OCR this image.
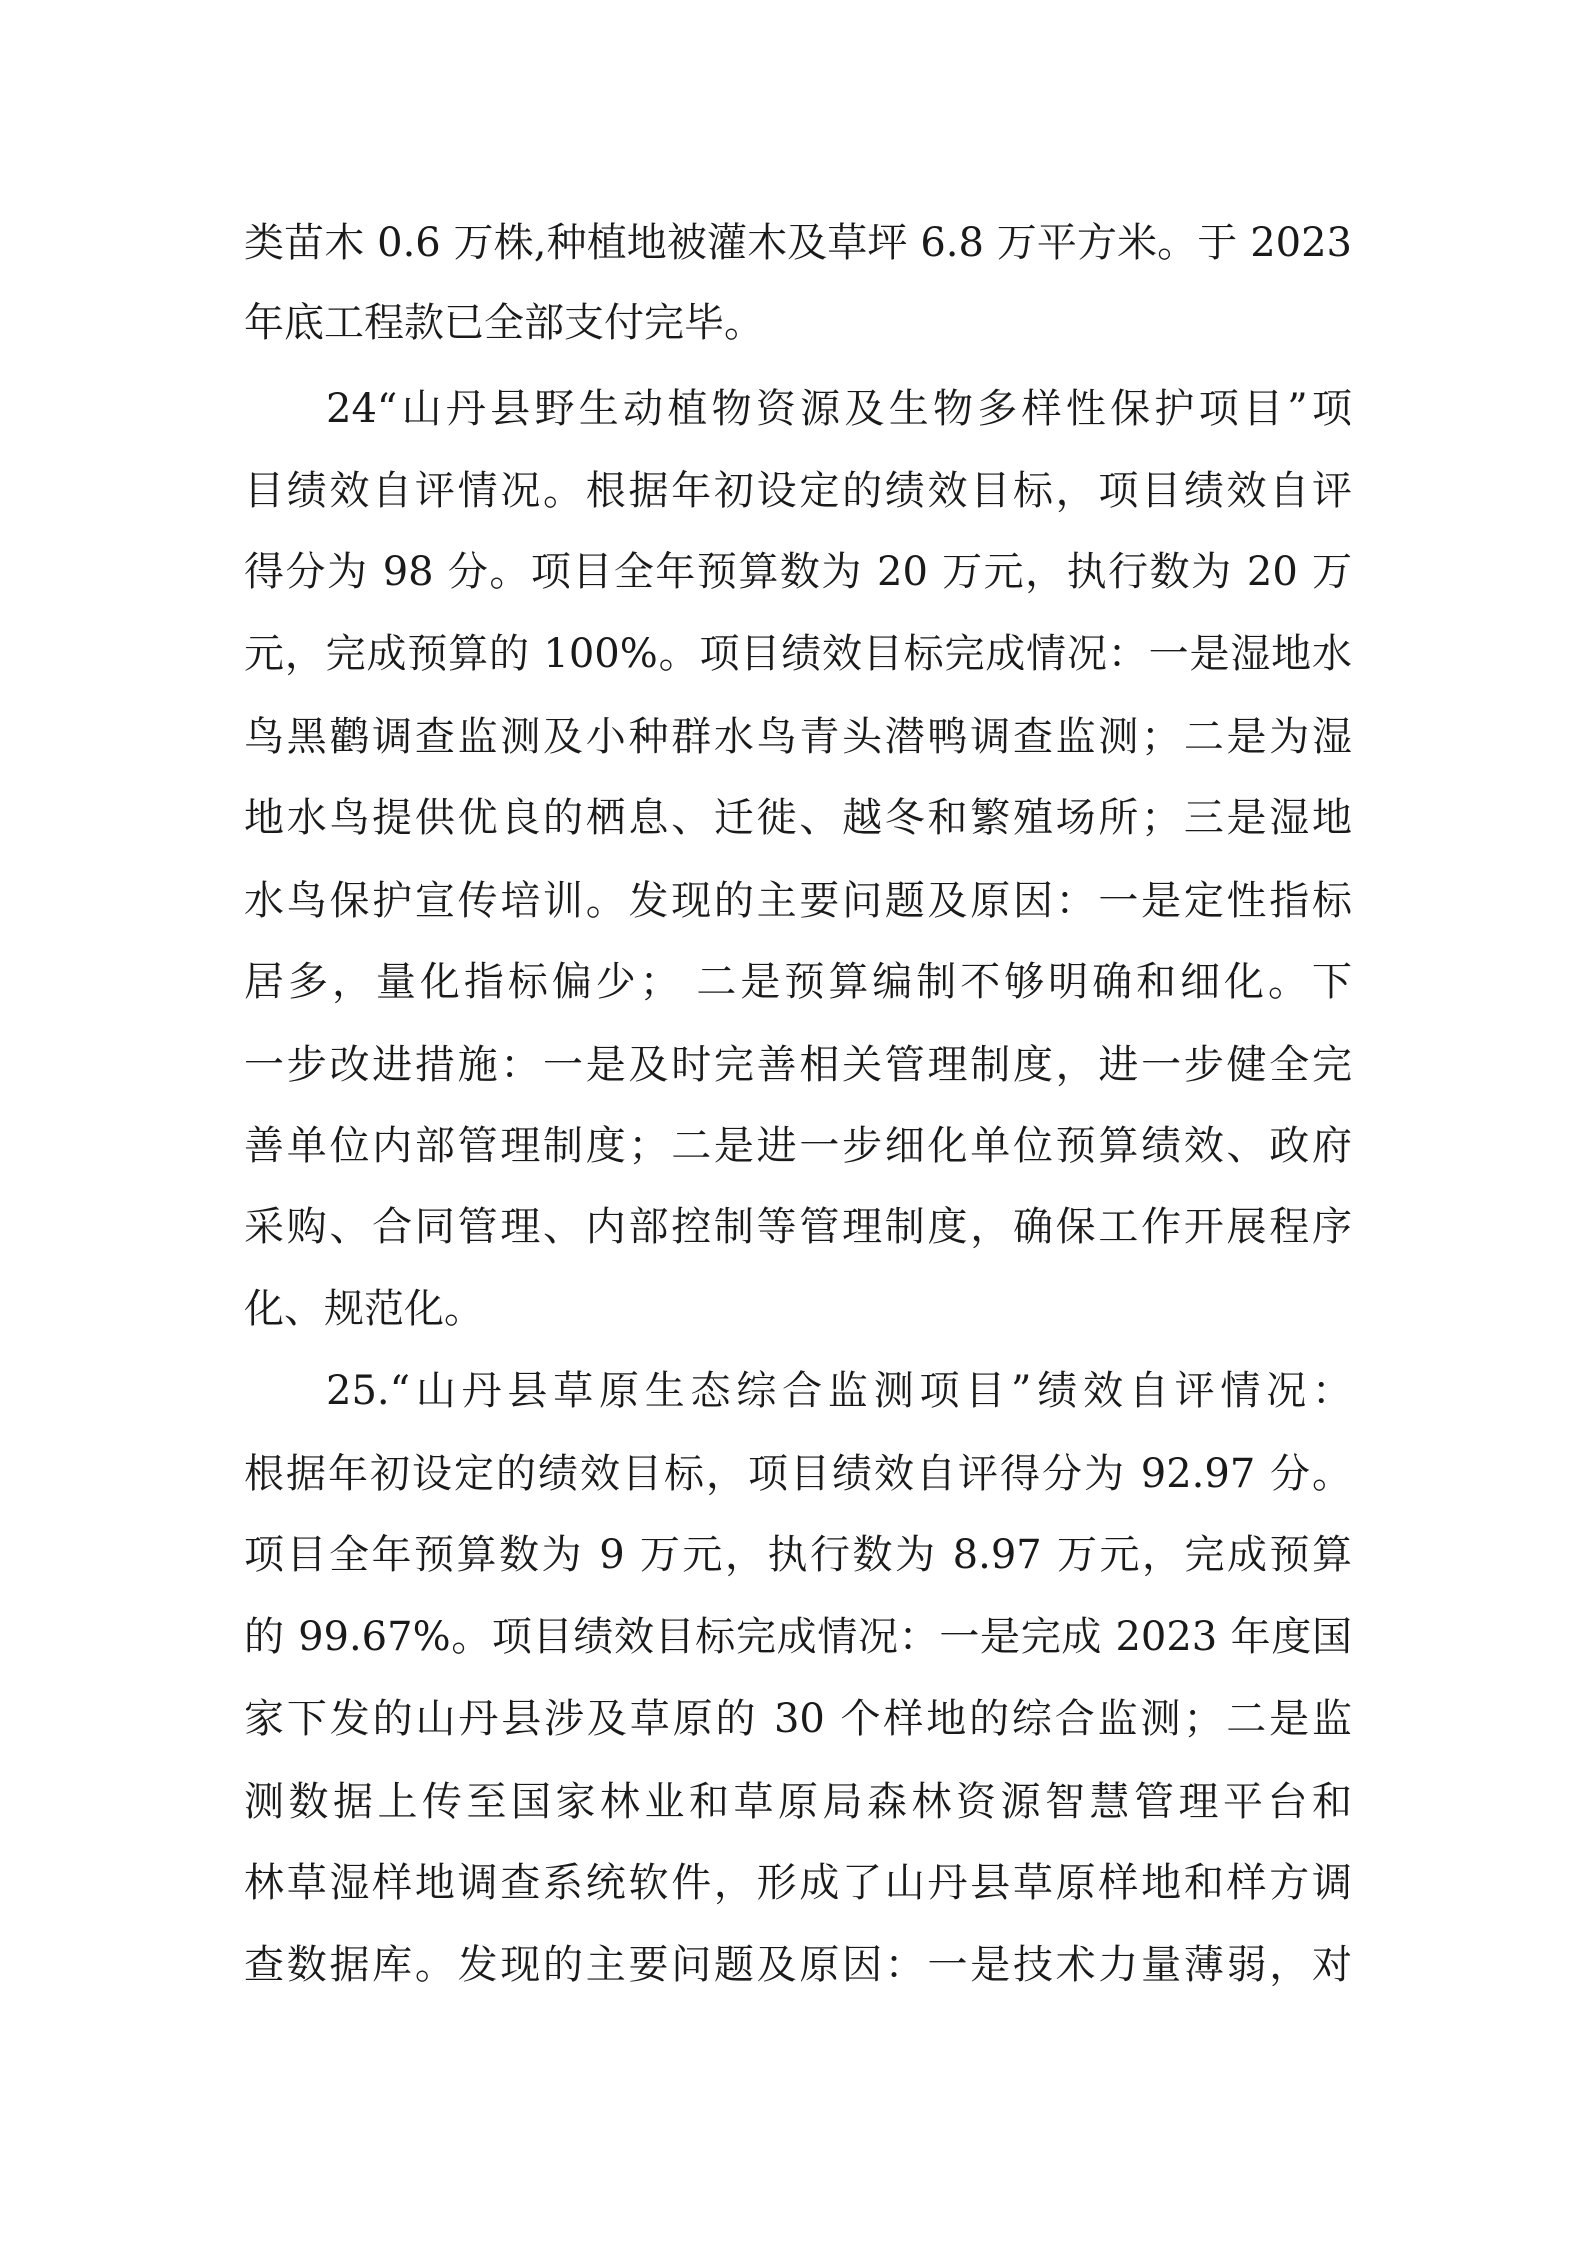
类苗木 0.6 万株,种植地被灌木及草坪 6.8 万平方米。于 2023
年底工程款已全部支付完毕。
24“山丹县野生动植物资源及生物多样性保护项目”项
目绩效自评情况。根据年初设定的绩效目标，项目绩效自评
得分为 98 分。项目全年预算数为 20 万元，执行数为 20 万
元，完成预算的 100%。项目绩效目标完成情况：一是湿地水
鸟黑鹳调查监测及小种群水鸟青头潜鸭调查监测；二是为湿
地水鸟提供优良的栖息、迁徙、越冬和繁殖场所；三是湿地
水鸟保护宣传培训。发现的主要问题及原因：一是定性指标
居多，量化指标偏少； 二是预算编制不够明确和细化。下
一步改进措施：一是及时完善相关管理制度，进一步健全完
善单位内部管理制度；二是进一步细化单位预算绩效、政府
采购、合同管理、内部控制等管理制度，确保工作开展程序
化、规范化。
25.“山丹县草原生态综合监测项目”绩效自评情况：
根据年初设定的绩效目标，项目绩效自评得分为 92.97 分。
项目全年预算数为 9 万元，执行数为 8.97 万元，完成预算
的 99.67%。项目绩效目标完成情况：一是完成 2023 年度国
家下发的山丹县涉及草原的 30 个样地的综合监测；二是监
测数据上传至国家林业和草原局森林资源智慧管理平台和
林草湿样地调查系统软件，形成了山丹县草原样地和样方调
查数据库。发现的主要问题及原因：一是技术力量薄弱，对
